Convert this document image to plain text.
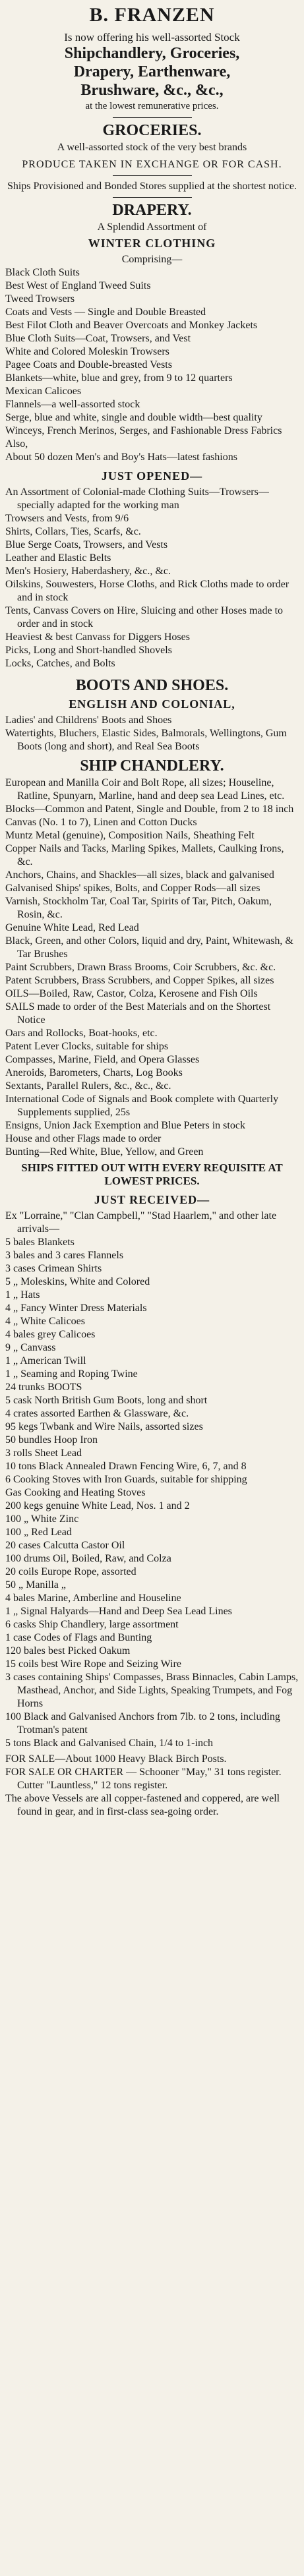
B. FRANZEN
Is now offering his well-assorted Stock
Shipchandlery, Groceries,
Drapery, Earthenware,
Brushware, &c., &c.,
at the lowest remunerative prices.
GROCERIES.
A well-assorted stock of the very best brands
PRODUCE TAKEN IN EXCHANGE OR FOR CASH.
Ships Provisioned and Bonded Stores supplied at the shortest notice.
DRAPERY.
A Splendid Assortment of
WINTER CLOTHING
Comprising—
Black Cloth Suits
Best West of England Tweed Suits
Tweed Trowsers
Coats and Vests — Single and Double Breasted
Best Filot Cloth and Beaver Overcoats and Monkey Jackets
Blue Cloth Suits—Coat, Trowsers, and Vest
White and Colored Moleskin Trowsers
Pagee Coats and Double-breasted Vests
Blankets—white, blue and grey, from 9 to 12 quarters
Mexican Calicoes
Flannels—a well-assorted stock
Serge, blue and white, single and double width—best quality
Winceys, French Merinos, Serges, and Fashionable Dress Fabrics
Also,
About 50 dozen Men's and Boy's Hats—latest fashions
JUST OPENED—
An Assortment of Colonial-made Clothing Suits—Trowsers—specially adapted for the working man
Trowsers and Vests, from 9/6
Shirts, Collars, Ties, Scarfs, &c.
Blue Serge Coats, Trowsers, and Vests
Leather and Elastic Belts
Men's Hosiery, Haberdashery, &c., &c.
Oilskins, Souwesters, Horse Cloths, and Rick Cloths made to order and in stock
Tents, Canvass Covers on Hire, Sluicing and other Hoses made to order and in stock
Heaviest & best Canvass for Diggers Hoses
Picks, Long and Short-handled Shovels
Locks, Catches, and Bolts
BOOTS AND SHOES.
ENGLISH AND COLONIAL,
Ladies' and Childrens' Boots and Shoes
Watertights, Bluchers, Elastic Sides, Balmorals, Wellingtons, Gum Boots (long and short), and Real Sea Boots
SHIP CHANDLERY.
European and Manilla Coir and Bolt Rope, all sizes; Houseline, Ratline, Spunyarn, Marline, hand and deep sea Lead Lines, etc.
Blocks—Common and Patent, Single and Double, from 2 to 18 inch
Canvas (No. 1 to 7), Linen and Cotton Ducks
Muntz Metal (genuine), Composition Nails, Sheathing Felt
Copper Nails and Tacks, Marling Spikes, Mallets, Caulking Irons, &c.
Anchors, Chains, and Shackles—all sizes, black and galvanised
Galvanised Ships' spikes, Bolts, and Copper Rods—all sizes
Varnish, Stockholm Tar, Coal Tar, Spirits of Tar, Pitch, Oakum, Rosin, &c.
Genuine White Lead, Red Lead
Black, Green, and other Colors, liquid and dry, Paint, Whitewash, & Tar Brushes
Paint Scrubbers, Drawn Brass Brooms, Coir Scrubbers, &c. &c.
Patent Scrubbers, Brass Scrubbers, and Copper Spikes, all sizes
OILS—Boiled, Raw, Castor, Colza, Kerosene and Fish Oils
SAILS made to order of the Best Materials and on the Shortest Notice
Oars and Rollocks, Boat-hooks, etc.
Patent Lever Clocks, suitable for ships
Compasses, Marine, Field, and Opera Glasses
Aneroids, Barometers, Charts, Log Books
Sextants, Parallel Rulers, &c., &c., &c.
International Code of Signals and Book complete with Quarterly Supplements supplied, 25s
Ensigns, Union Jack Exemption and Blue Peters in stock
House and other Flags made to order
Bunting—Red White, Blue, Yellow, and Green
SHIPS FITTED OUT WITH EVERY REQUISITE AT LOWEST PRICES.
JUST RECEIVED—
Ex "Lorraine," "Clan Campbell," "Stad Haarlem," and other late arrivals—
5 bales Blankets
3 bales and 3 cares Flannels
3 cases Crimean Shirts
5 „ Moleskins, White and Colored
1 „ Hats
4 „ Fancy Winter Dress Materials
4 „ White Calicoes
4 bales grey Calicoes
9 „ Canvass
1 „ American Twill
1 „ Seaming and Roping Twine
24 trunks BOOTS
5 cask North British Gum Boots, long and short
4 crates assorted Earthen & Glassware, &c.
95 kegs Twbank and Wire Nails, assorted sizes
50 bundles Hoop Iron
3 rolls Sheet Lead
10 tons Black Annealed Drawn Fencing Wire, 6, 7, and 8
6 Cooking Stoves with Iron Guards, suitable for shipping
Gas Cooking and Heating Stoves
200 kegs genuine White Lead, Nos. 1 and 2
100 „ White Zinc
100 „ Red Lead
20 cases Calcutta Castor Oil
100 drums Oil, Boiled, Raw, and Colza
20 coils Europe Rope, assorted
50 „ Manilla „
4 bales Marine, Amberline and Houseline
1 „ Signal Halyards—Hand and Deep Sea Lead Lines
6 casks Ship Chandlery, large assortment
1 case Codes of Flags and Bunting
120 bales best Picked Oakum
15 coils best Wire Rope and Seizing Wire
3 cases containing Ships' Compasses, Brass Binnacles, Cabin Lamps, Masthead, Anchor, and Side Lights, Speaking Trumpets, and Fog Horns
100 Black and Galvanised Anchors from 7lb. to 2 tons, including Trotman's patent
5 tons Black and Galvanised Chain, 1/4 to 1-inch
FOR SALE—About 1000 Heavy Black Birch Posts.
FOR SALE OR CHARTER — Schooner "May," 31 tons register. Cutter "Launtless," 12 tons register.
The above Vessels are all copper-fastened and coppered, are well found in gear, and in first-class sea-going order.
